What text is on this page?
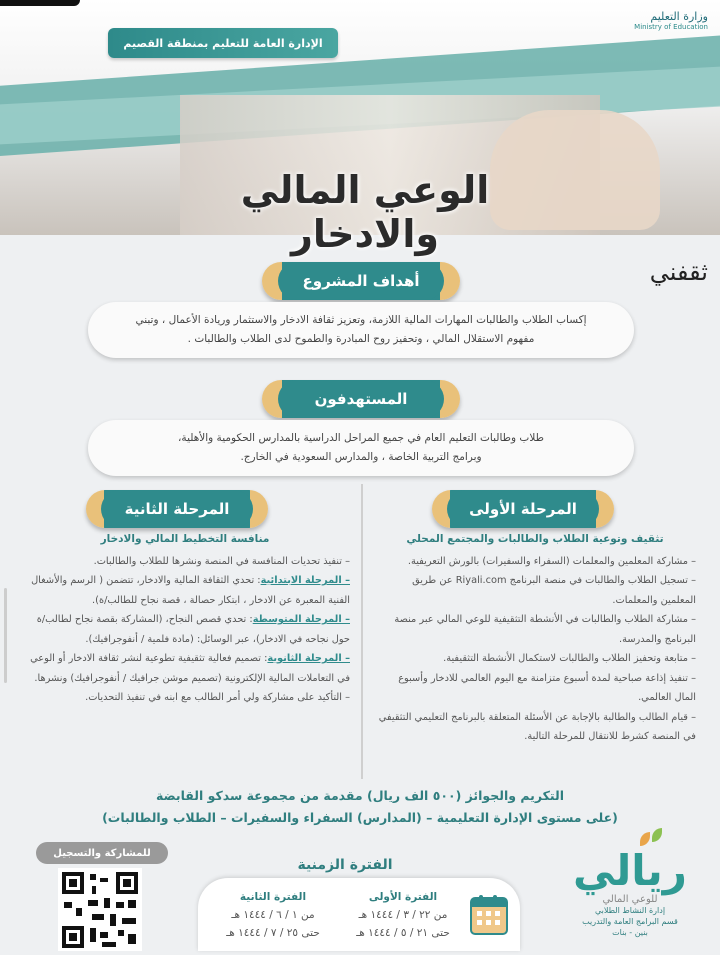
وزارة التعليم
Ministry of Education
الإدارة العامة للتعليم بمنطقة القصيم
الوعي المالي والادخار
ثقفني
أهداف المشروع
إكساب الطلاب والطالبات المهارات المالية اللازمة، وتعزيز ثقافة الادخار والاستثمار وريادة الأعمال ، وتبني
مفهوم الاستقلال المالي ، وتحفيز روح المبادرة والطموح لدى الطلاب والطالبات .
المستهدفون
طلاب وطالبات التعليم العام في جميع المراحل الدراسية بالمدارس الحكومية والأهلية،
وبرامج التربية الخاصة ، والمدارس السعودية في الخارج.
المرحلة الأولى
المرحلة الثانية
تثقيف وتوعية الطلاب والطالبات والمجتمع المحلي
– مشاركة المعلمين والمعلمات (السفراء والسفيرات) بالورش التعريفية.
– تسجيل الطلاب والطالبات في منصة البرنامج Riyali.com عن طريق المعلمين والمعلمات.
– مشاركة الطلاب والطالبات في الأنشطة التثقيفية للوعي المالي عبر منصة البرنامج والمدرسة.
– متابعة وتحفيز الطلاب والطالبات لاستكمال الأنشطة التثقيفية.
– تنفيذ إذاعة صباحية لمدة أسبوع متزامنة مع اليوم العالمي للادخار وأسبوع المال العالمي.
– قيام الطالب والطالبة بالإجابة عن الأسئلة المتعلقة بالبرنامج التعليمي التثقيفي في المنصة كشرط للانتقال للمرحلة التالية.
منافسة التخطيط المالي والادخار
– تنفيذ تحديات المنافسة في المنصة ونشرها للطلاب والطالبات.
– المرحلة الابتدائية: تحدي الثقافة المالية والادخار، تتضمن ( الرسم والأشغال الفنية المعبرة عن الادخار ، ابتكار حصالة ، قصة نجاح للطالب/ة).
– المرحلة المتوسطة: تحدي قصص النجاح، (المشاركة بقصة نجاح لطالب/ة حول نجاحه في الادخار)، عبر الوسائل: (مادة فلمية / أنفوجرافيك).
– المرحلة الثانوية: تصميم فعالية تثقيفية تطوعية لنشر ثقافة الادخار أو الوعي في التعاملات المالية الإلكترونية (تصميم موشن جرافيك / أنفوجرافيك) ونشرها.
– التأكيد على مشاركة ولي أمر الطالب مع ابنه في تنفيذ التحديات.
التكريم والجوائز (٥٠٠ الف ريال) مقدمة من مجموعة سدكو القابضة
(على مستوى الإدارة التعليمية – (المدارس) السفراء والسفيرات – الطلاب والطالبات)
للمشاركة والتسجيل
الفترة الزمنية
الفترة الأولى
من ٢٢ / ٣ / ١٤٤٤ هـ
حتى ٢١ / ٥ / ١٤٤٤ هـ
الفترة الثانية
من ١ / ٦ / ١٤٤٤ هـ
حتى ٢٥ / ٧ / ١٤٤٤ هـ
ريالي
للوعي المالي
إدارة النشاط الطلابي
قسم البرامج العامة والتدريب
بنين - بنات
